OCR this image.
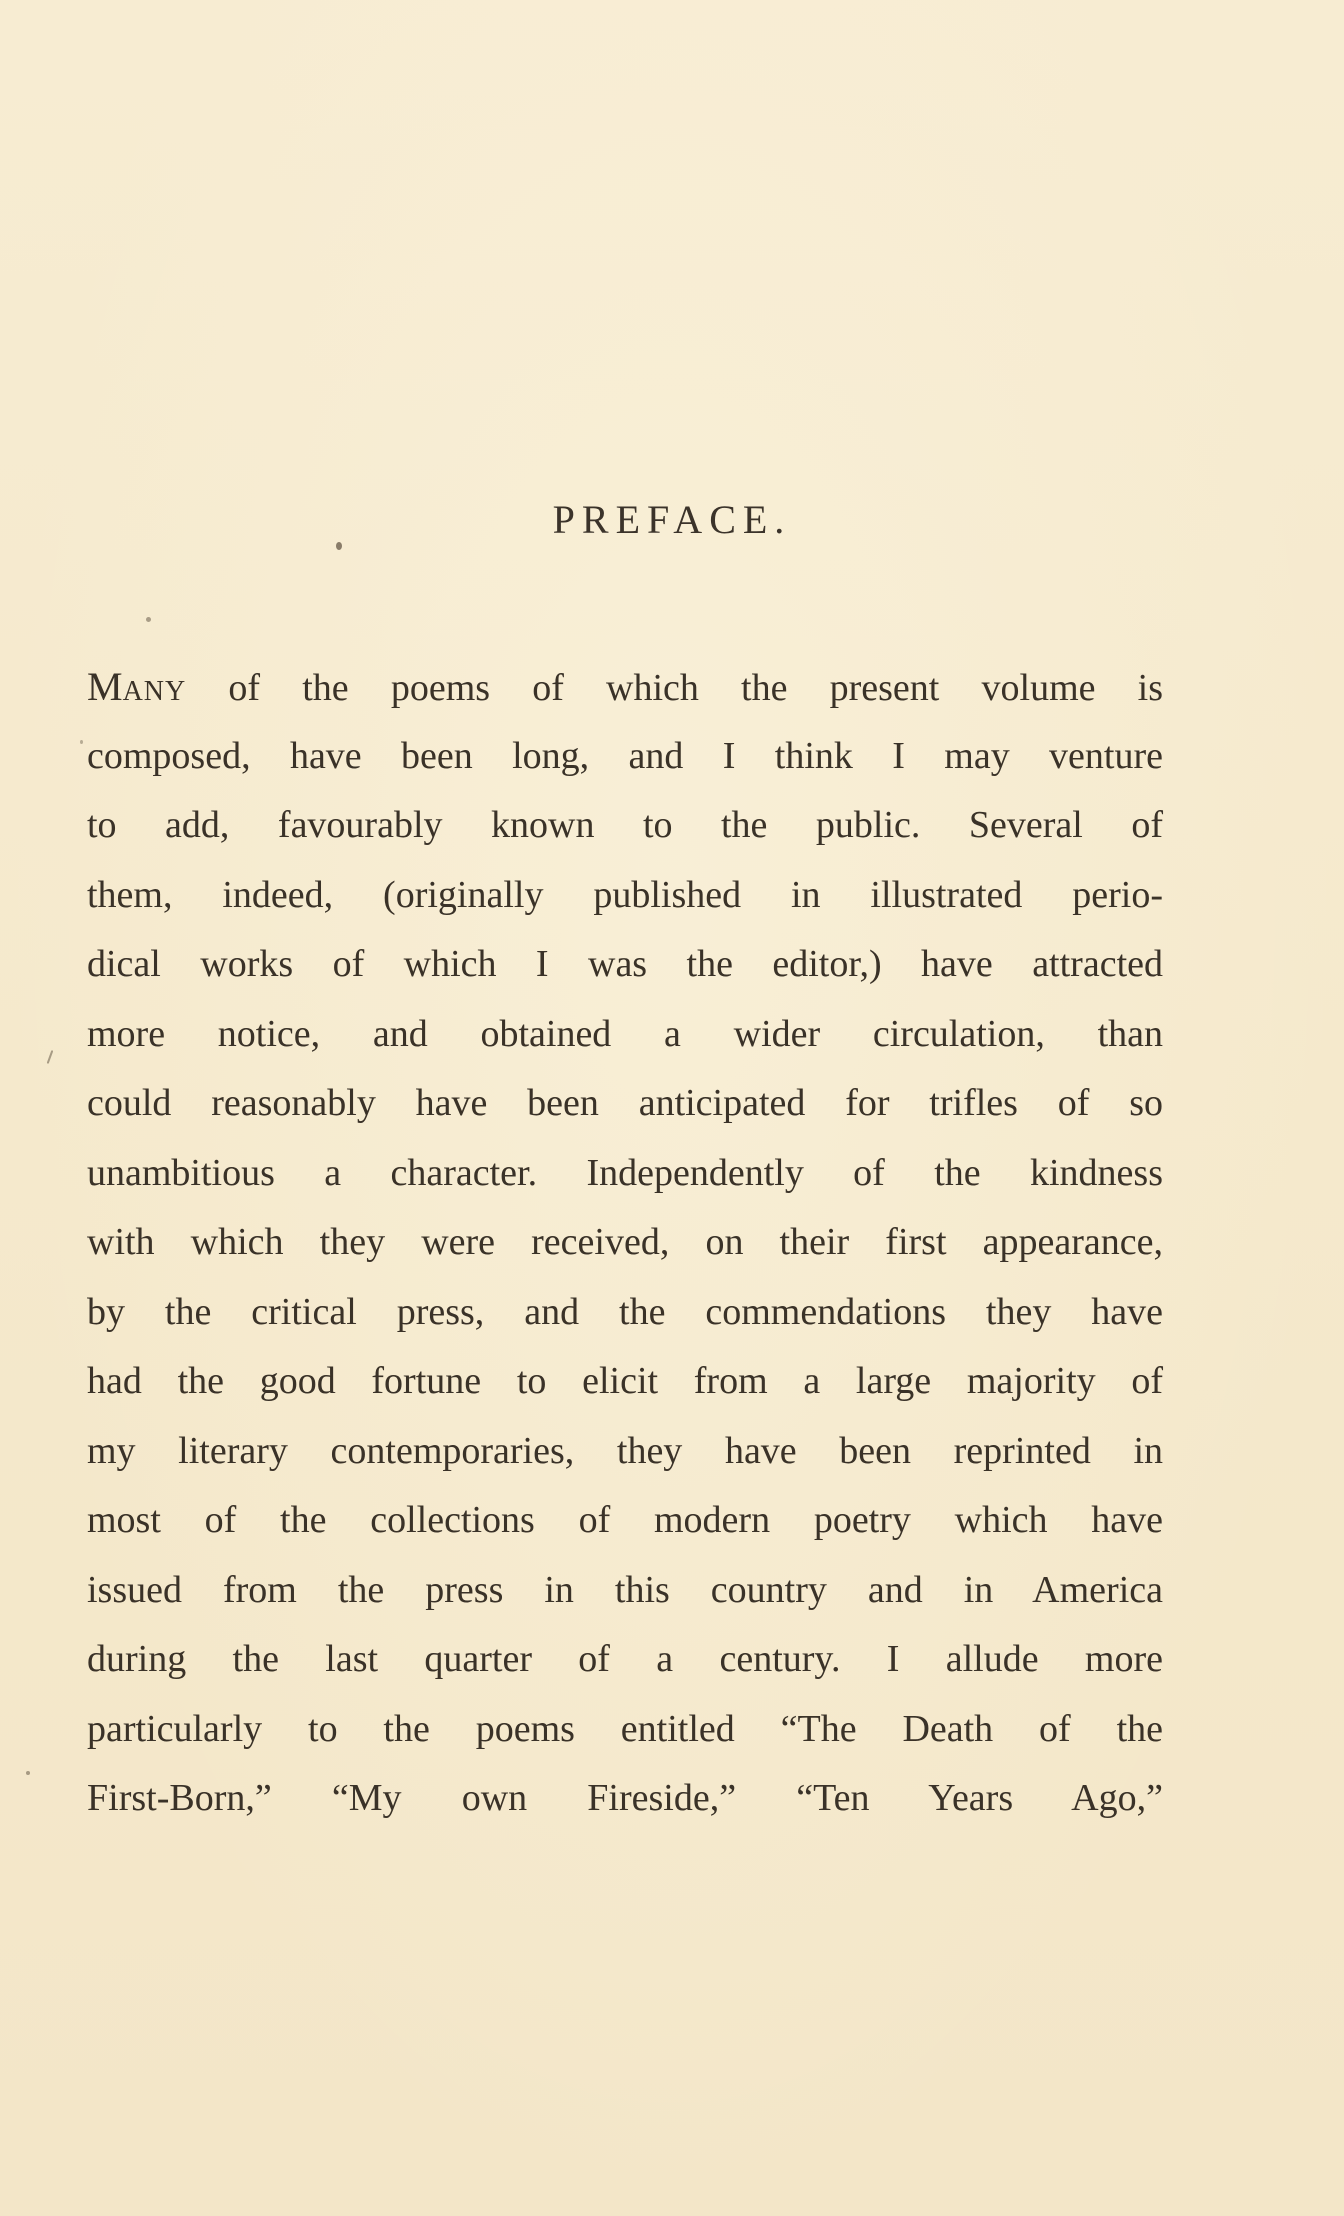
PREFACE.
MANY of the poems of which the present volume is
composed, have been long, and I think I may venture
to add, favourably known to the public. Several of
them, indeed, (originally published in illustrated perio-
dical works of which I was the editor,) have attracted
more notice, and obtained a wider circulation, than
could reasonably have been anticipated for trifles of so
unambitious a character. Independently of the kindness
with which they were received, on their first appearance,
by the critical press, and the commendations they have
had the good fortune to elicit from a large majority of
my literary contemporaries, they have been reprinted in
most of the collections of modern poetry which have
issued from the press in this country and in America
during the last quarter of a century. I allude more
particularly to the poems entitled “The Death of the
First-Born,” “My own Fireside,” “Ten Years Ago,”
